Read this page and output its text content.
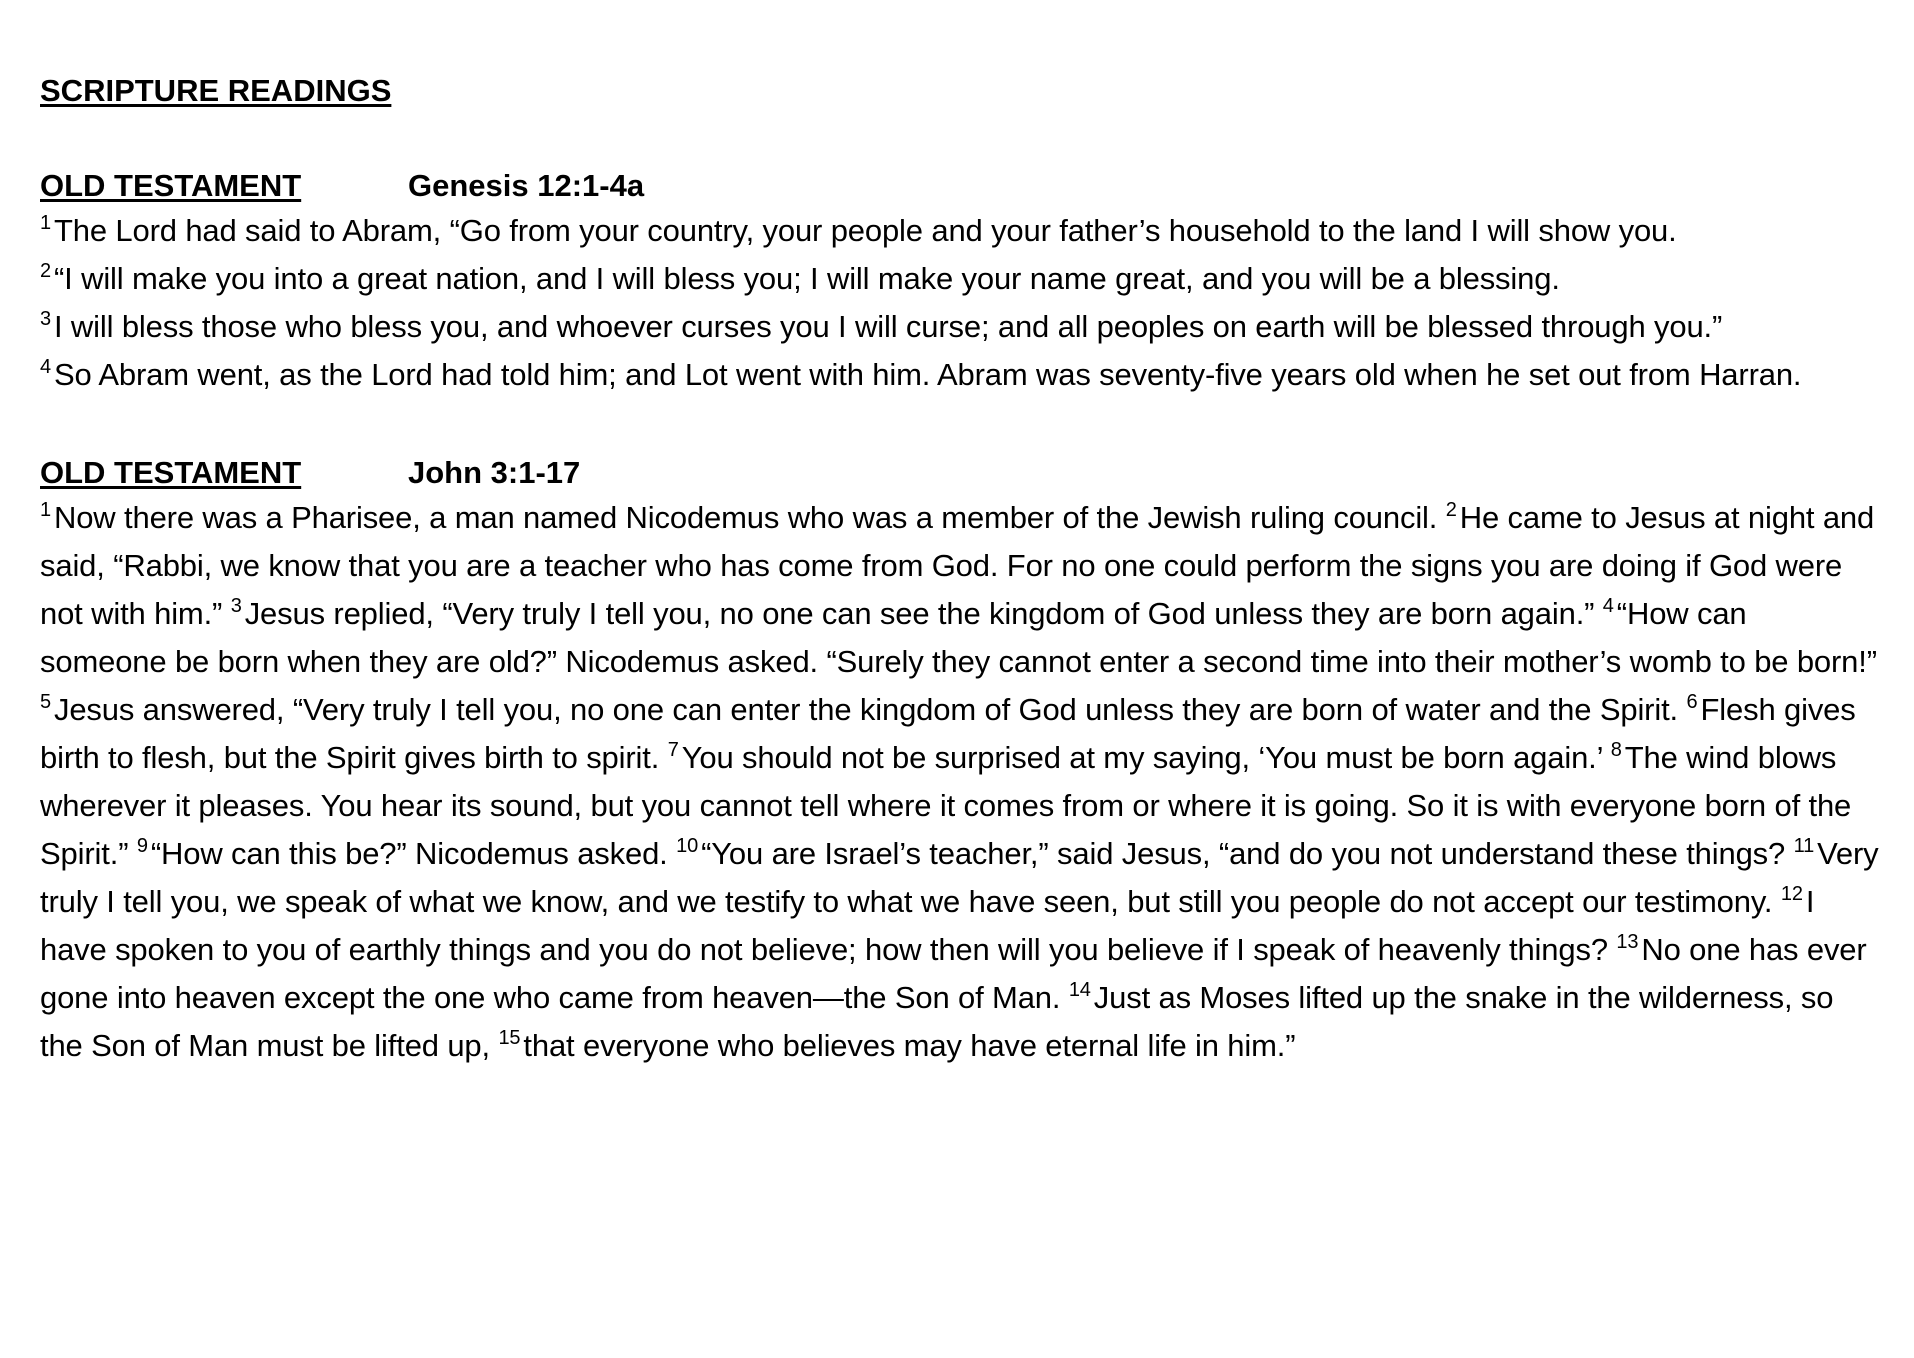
SCRIPTURE READINGS
OLD TESTAMENT	Genesis 12:1-4a
$^1$The Lord had said to Abram, “Go from your country, your people and your father’s household to the land I will show you.
$^2$“I will make you into a great nation, and I will bless you; I will make your name great, and you will be a blessing.
$^3$I will bless those who bless you, and whoever curses you I will curse; and all peoples on earth will be blessed through you.”
$^4$So Abram went, as the Lord had told him; and Lot went with him. Abram was seventy-five years old when he set out from Harran.
OLD TESTAMENT	John 3:1-17
$^1$Now there was a Pharisee, a man named Nicodemus who was a member of the Jewish ruling council. $^2$He came to Jesus at night and said, “Rabbi, we know that you are a teacher who has come from God. For no one could perform the signs you are doing if God were not with him.” $^3$Jesus replied, “Very truly I tell you, no one can see the kingdom of God unless they are born again.” $^4$“How can someone be born when they are old?” Nicodemus asked. “Surely they cannot enter a second time into their mother’s womb to be born!” $^5$Jesus answered, “Very truly I tell you, no one can enter the kingdom of God unless they are born of water and the Spirit. $^6$Flesh gives birth to flesh, but the Spirit gives birth to spirit. $^7$You should not be surprised at my saying, ‘You must be born again.’ $^8$The wind blows wherever it pleases. You hear its sound, but you cannot tell where it comes from or where it is going. So it is with everyone born of the Spirit.” $^9$“How can this be?” Nicodemus asked. $^{10}$“You are Israel’s teacher,” said Jesus, “and do you not understand these things? $^{11}$Very truly I tell you, we speak of what we know, and we testify to what we have seen, but still you people do not accept our testimony. $^{12}$I have spoken to you of earthly things and you do not believe; how then will you believe if I speak of heavenly things? $^{13}$No one has ever gone into heaven except the one who came from heaven—the Son of Man. $^{14}$Just as Moses lifted up the snake in the wilderness, so the Son of Man must be lifted up, $^{15}$that everyone who believes may have eternal life in him.”
